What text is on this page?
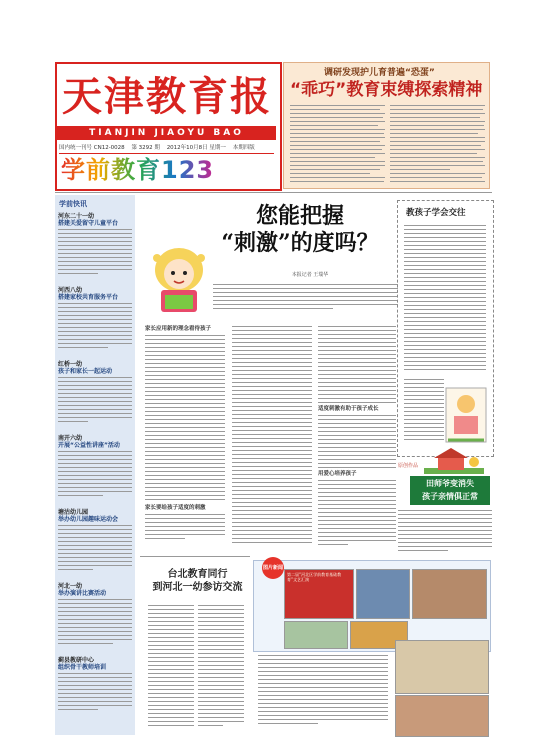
天津教育报
TIANJIN JIAOYU BAO
国内统一刊号 CN12-0028 第 3292 期 2012年10月8日 星期一 本期四版
学前教育123
调研发现护儿育普遍“恐蛋”
“乖巧”教育束缚探索精神
学前快讯
河东二十一幼
搭建关爱留守儿童平台
河西八幼
搭建家校共育服务平台
红桥一幼
孩子和家长一起运动
南开六幼
开展“公益性讲座”活动
塘沽幼儿园
举办幼儿园趣味运动会
河北一幼
举办演讲比赛活动
蓟县教研中心
组织骨干教师培训
您能把握
“刺激”的度吗？
本报记者 王瑞华
家长应用新的理念看待孩子
家长要给孩子适度的刺激
适度刺激有助于孩子成长
用爱心培养孩子
教孩子学会交往
原创作品
田师爷变消失
孩子亲情俱正常
台北教育同行
到河北一幼参访交流
第二届“河北区学前教育基础教育”文艺汇演
图片新闻
